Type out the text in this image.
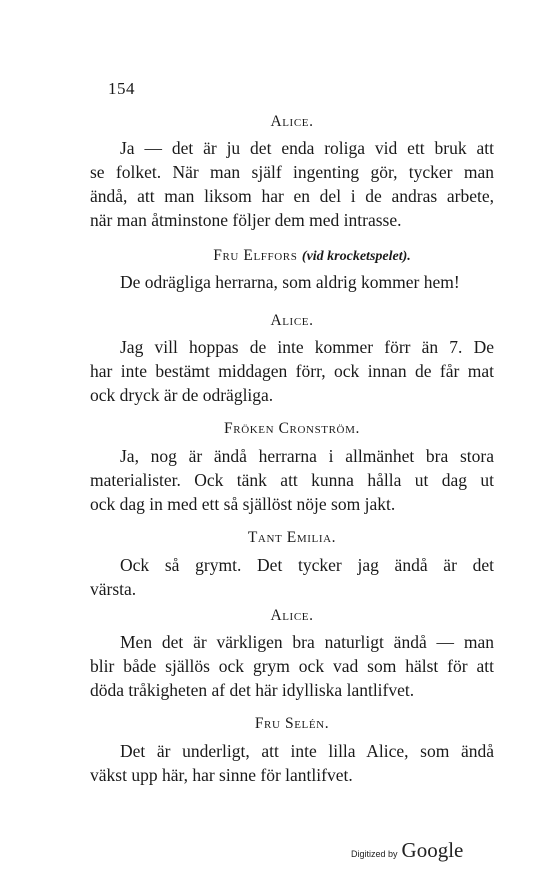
154
Alice.
Ja — det är ju det enda roliga vid ett bruk att
se folket. När man själf ingenting gör, tycker man
ändå, att man liksom har en del i de andras arbete,
när man åtminstone följer dem med intrasse.
Fru Elffors (vid krocketspelet).
De odrägliga herrarna, som aldrig kommer hem!
Alice.
Jag vill hoppas de inte kommer förr än 7. De
har inte bestämt middagen förr, ock innan de får mat
ock dryck är de odrägliga.
Fröken Cronström.
Ja, nog är ändå herrarna i allmänhet bra stora
materialister. Ock tänk att kunna hålla ut dag ut
ock dag in med ett så själlöst nöje som jakt.
Tant Emilia.
Ock så grymt. Det tycker jag ändå är det
värsta.
Alice.
Men det är värkligen bra naturligt ändå — man
blir både själlös ock grym ock vad som hälst för att
döda tråkigheten af det här idylliska lantlifvet.
Fru Selén.
Det är underligt, att inte lilla Alice, som ändå
väkst upp här, har sinne för lantlifvet.
Digitized by Google
